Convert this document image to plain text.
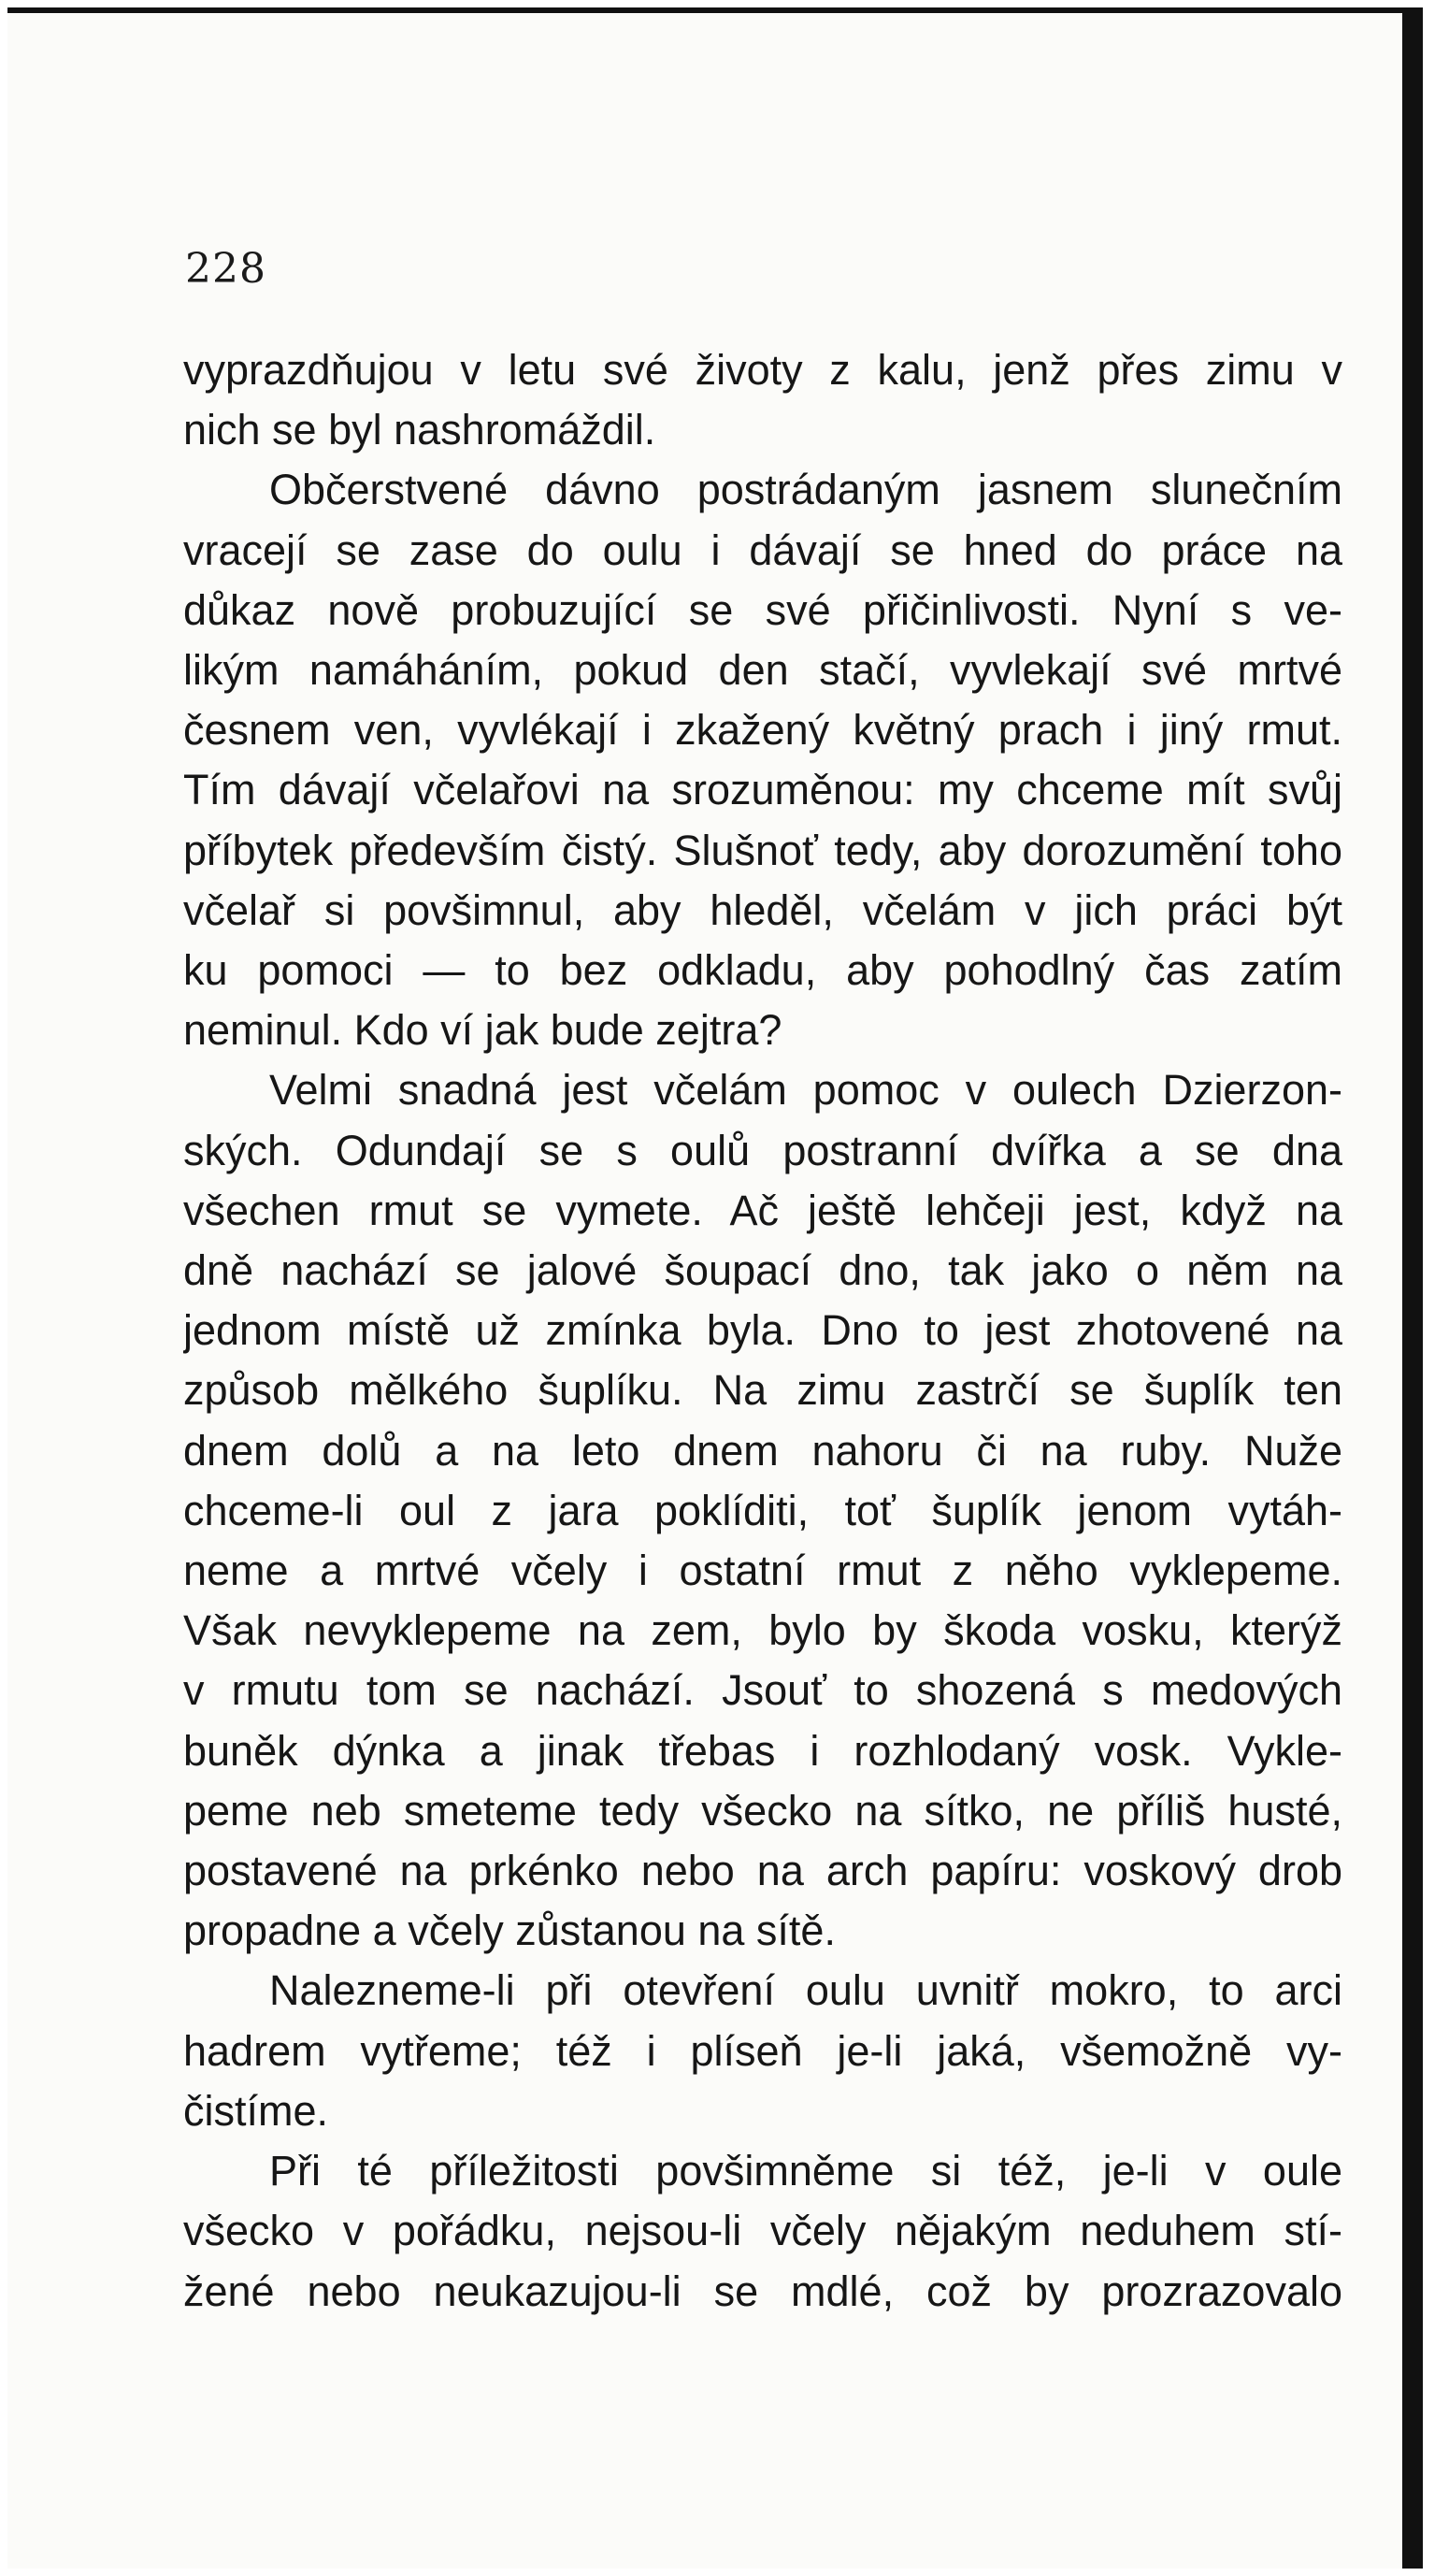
228
vyprazdňujou v letu své životy z kalu, jenž přes zimu v
nich se byl nashromáždil.
Občerstvené dávno postrádaným jasnem slunečním
vracejí se zase do oulu i dávají se hned do práce na
důkaz nově probuzující se své přičinlivosti. Nyní s ve-
likým namáháním, pokud den stačí, vyvlekají své mrtvé
česnem ven, vyvlékají i zkažený květný prach i jiný rmut.
Tím dávají včelařovi na srozuměnou: my chceme mít svůj
příbytek především čistý. Slušnoť tedy, aby dorozumění toho
včelař si povšimnul, aby hleděl, včelám v jich práci být
ku pomoci — to bez odkladu, aby pohodlný čas zatím
neminul. Kdo ví jak bude zejtra?
Velmi snadná jest včelám pomoc v oulech Dzierzon-
ských. Odundají se s oulů postranní dvířka a se dna
všechen rmut se vymete. Ač ještě lehčeji jest, když na
dně nachází se jalové šoupací dno, tak jako o něm na
jednom místě už zmínka byla. Dno to jest zhotovené na
způsob mělkého šuplíku. Na zimu zastrčí se šuplík ten
dnem dolů a na leto dnem nahoru či na ruby. Nuže
chceme-li oul z jara poklíditi, toť šuplík jenom vytáh-
neme a mrtvé včely i ostatní rmut z něho vyklepeme.
Však nevyklepeme na zem, bylo by škoda vosku, kterýž
v rmutu tom se nachází. Jsouť to shozená s medových
buněk dýnka a jinak třebas i rozhlodaný vosk. Vykle-
peme neb smeteme tedy všecko na sítko, ne příliš husté,
postavené na prkénko nebo na arch papíru: voskový drob
propadne a včely zůstanou na sítě.
Nalezneme-li při otevření oulu uvnitř mokro, to arci
hadrem vytřeme; též i plíseň je-li jaká, všemožně vy-
čistíme.
Při té příležitosti povšimněme si též, je-li v oule
všecko v pořádku, nejsou-li včely nějakým neduhem stí-
žené nebo neukazujou-li se mdlé, což by prozrazovalo
